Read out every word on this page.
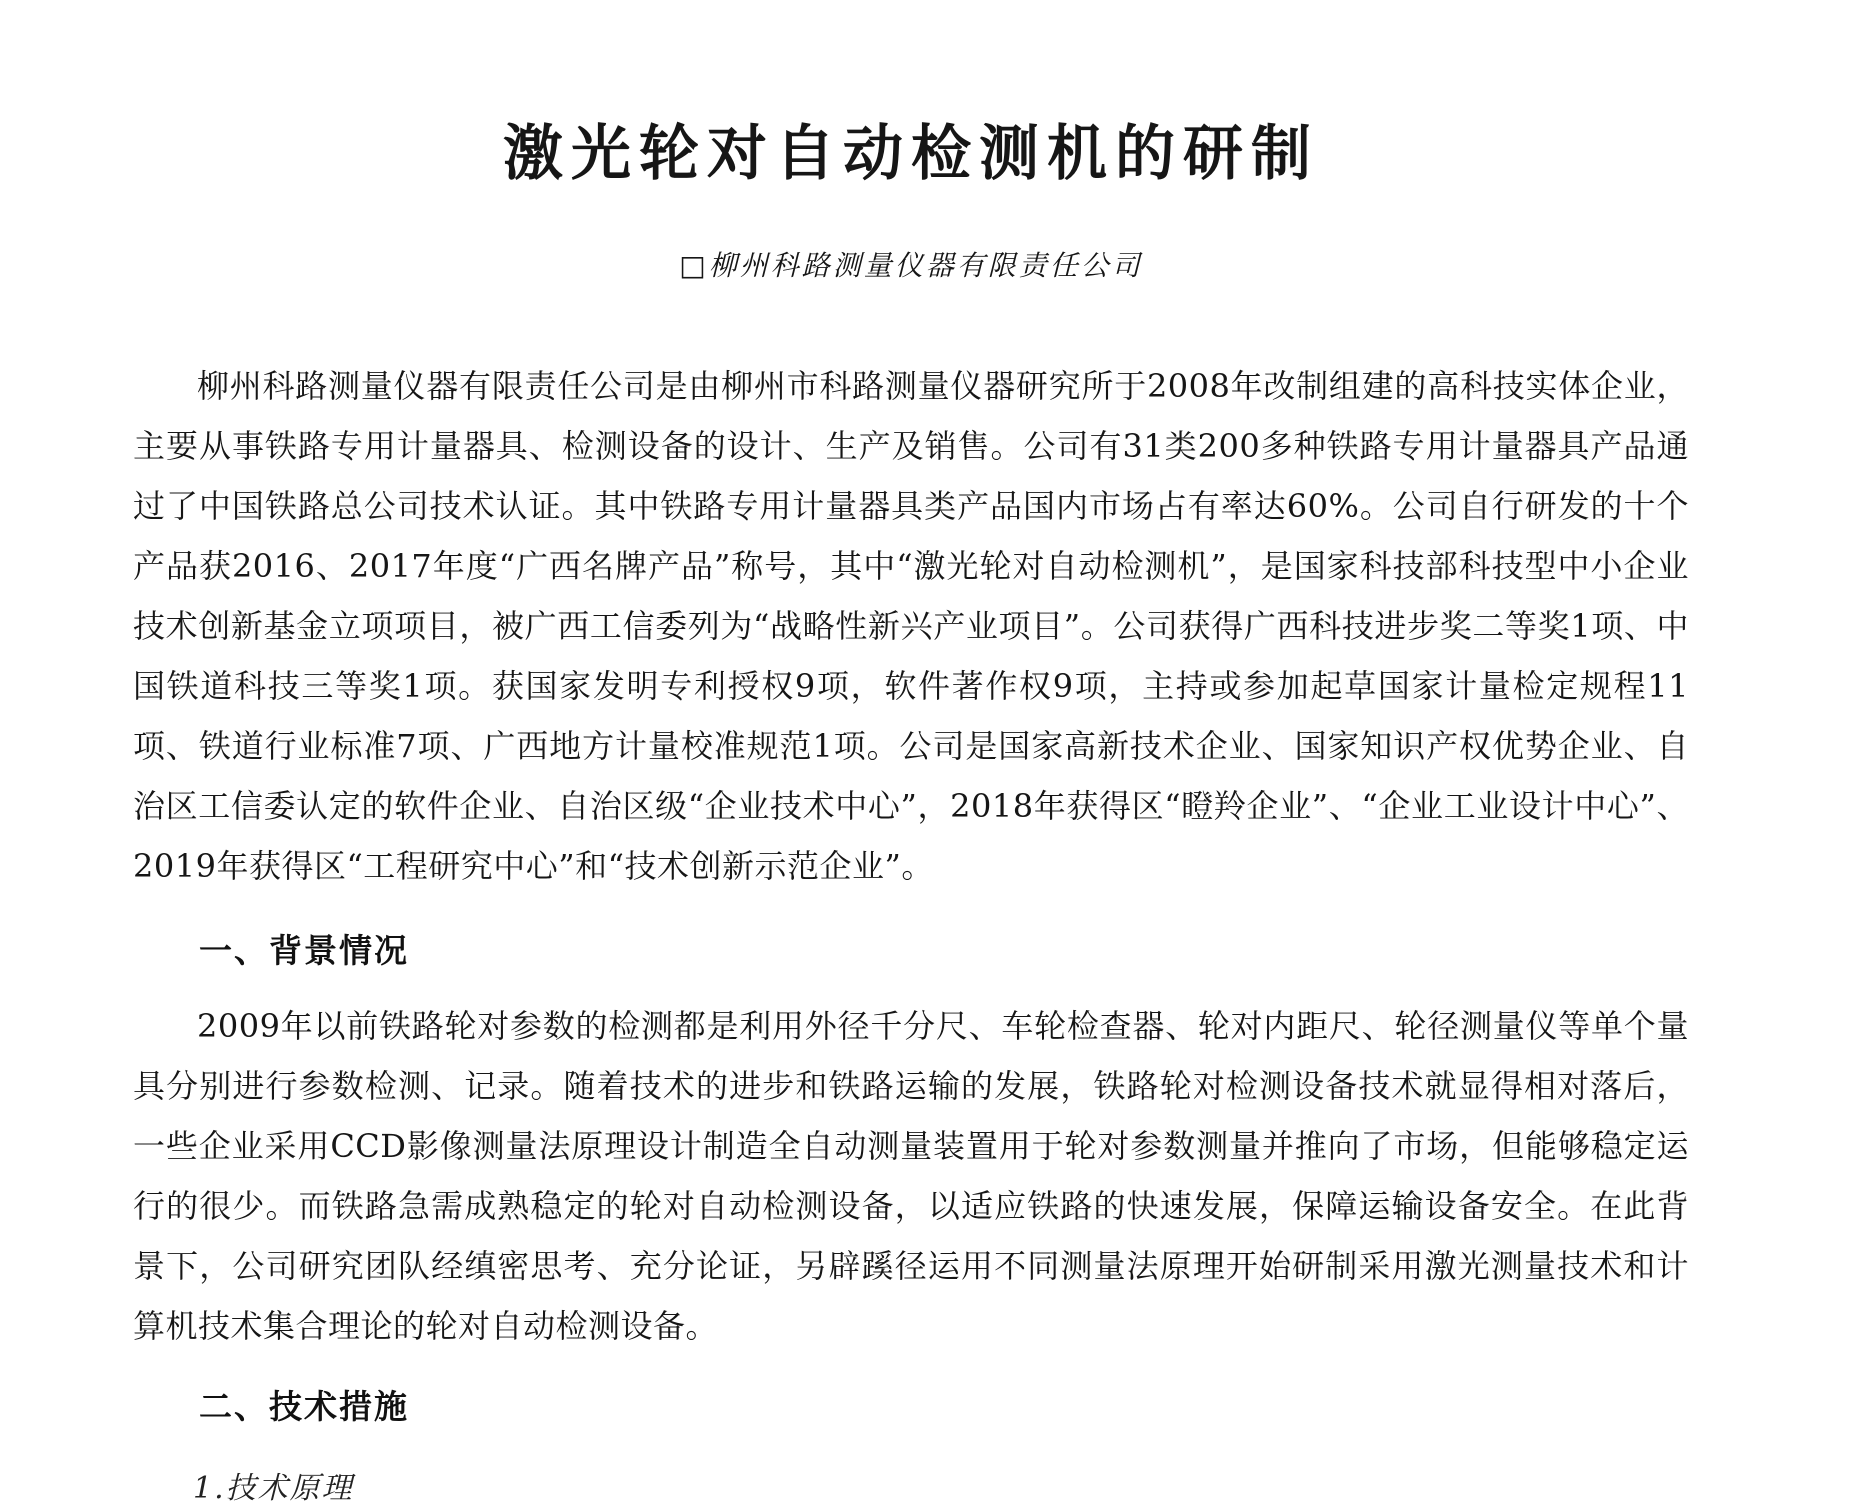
激光轮对自动检测机的研制
□柳州科路测量仪器有限责任公司

柳州科路测量仪器有限责任公司是由柳州市科路测量仪器研究所于2008年改制组建的高科技实体企业，主要从事铁路专用计量器具、检测设备的设计、生产及销售。公司有31类200多种铁路专用计量器具产品通过了中国铁路总公司技术认证。其中铁路专用计量器具类产品国内市场占有率达60%。公司自行研发的十个产品获2016、2017年度“广西名牌产品”称号，其中“激光轮对自动检测机”，是国家科技部科技型中小企业技术创新基金立项项目，被广西工信委列为“战略性新兴产业项目”。公司获得广西科技进步奖二等奖1项、中国铁道科技三等奖1项。获国家发明专利授权9项，软件著作权9项，主持或参加起草国家计量检定规程11项、铁道行业标准7项、广西地方计量校准规范1项。公司是国家高新技术企业、国家知识产权优势企业、自治区工信委认定的软件企业、自治区级“企业技术中心”，2018年获得区“瞪羚企业”、“企业工业设计中心”、2019年获得区“工程研究中心”和“技术创新示范企业”。

一、背景情况

2009年以前铁路轮对参数的检测都是利用外径千分尺、车轮检查器、轮对内距尺、轮径测量仪等单个量具分别进行参数检测、记录。随着技术的进步和铁路运输的发展，铁路轮对检测设备技术就显得相对落后，一些企业采用CCD影像测量法原理设计制造全自动测量装置用于轮对参数测量并推向了市场，但能够稳定运行的很少。而铁路急需成熟稳定的轮对自动检测设备，以适应铁路的快速发展，保障运输设备安全。在此背景下，公司研究团队经缜密思考、充分论证，另辟蹊径运用不同测量法原理开始研制采用激光测量技术和计算机技术集合理论的轮对自动检测设备。

二、技术措施
1.技术原理
